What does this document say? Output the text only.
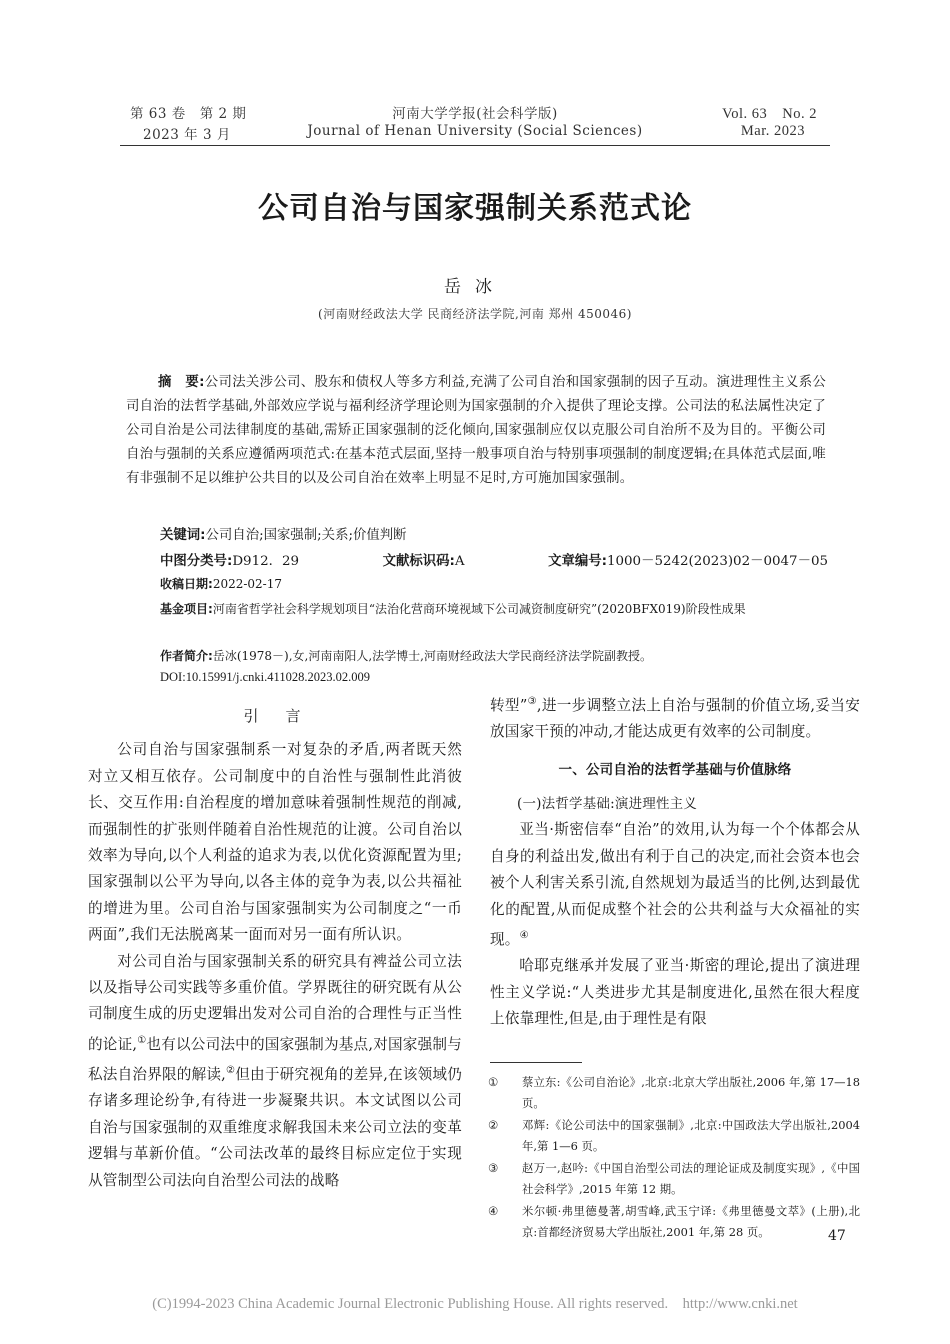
第 63 卷　第 2 期
2023 年 3 月
河南大学学报(社会科学版)
Journal of Henan University (Social Sciences)
Vol. 63　No. 2
Mar. 2023
公司自治与国家强制关系范式论
岳冰
(河南财经政法大学 民商经济法学院,河南 郑州 450046)
摘　要:公司法关涉公司、股东和债权人等多方利益,充满了公司自治和国家强制的因子互动。演进理性主义系公司自治的法哲学基础,外部效应学说与福利经济学理论则为国家强制的介入提供了理论支撑。公司法的私法属性决定了公司自治是公司法律制度的基础,需矫正国家强制的泛化倾向,国家强制应仅以克服公司自治所不及为目的。平衡公司自治与强制的关系应遵循两项范式:在基本范式层面,坚持一般事项自治与特别事项强制的制度逻辑;在具体范式层面,唯有非强制不足以维护公共目的以及公司自治在效率上明显不足时,方可施加国家强制。
关键词:公司自治;国家强制;关系;价值判断
中图分类号:D912．29	文献标识码:A	文章编号:1000－5242(2023)02－0047－05
收稿日期:2022-02-17
基金项目:河南省哲学社会科学规划项目“法治化营商环境视域下公司减资制度研究”(2020BFX019)阶段性成果
作者简介:岳冰(1978－),女,河南南阳人,法学博士,河南财经政法大学民商经济法学院副教授。
DOI:10.15991/j.cnki.411028.2023.02.009
引　言

公司自治与国家强制系一对复杂的矛盾,两者既天然对立又相互依存。公司制度中的自治性与强制性此消彼长、交互作用:自治程度的增加意味着强制性规范的削减,而强制性的扩张则伴随着自治性规范的让渡。公司自治以效率为导向,以个人利益的追求为表,以优化资源配置为里;国家强制以公平为导向,以各主体的竞争为表,以公共福祉的增进为里。公司自治与国家强制实为公司制度之“一币两面”,我们无法脱离某一面而对另一面有所认识。

对公司自治与国家强制关系的研究具有裨益公司立法以及指导公司实践等多重价值。学界既往的研究既有从公司制度生成的历史逻辑出发对公司自治的合理性与正当性的论证,①也有以公司法中的国家强制为基点,对国家强制与私法自治界限的解读,②但由于研究视角的差异,在该领域仍存诸多理论纷争,有待进一步凝聚共识。本文试图以公司自治与国家强制的双重维度求解我国未来公司立法的变革逻辑与革新价值。“公司法改革的最终目标应定位于实现从管制型公司法向自治型公司法的战略

转型”③,进一步调整立法上自治与强制的价值立场,妥当安放国家干预的冲动,才能达成更有效率的公司制度。

一、公司自治的法哲学基础与价值脉络
(一)法哲学基础:演进理性主义

亚当·斯密信奉“自治”的效用,认为每一个个体都会从自身的利益出发,做出有利于自己的决定,而社会资本也会被个人利害关系引流,自然规划为最适当的比例,达到最优化的配置,从而促成整个社会的公共利益与大众福祉的实现。④

哈耶克继承并发展了亚当·斯密的理论,提出了演进理性主义学说:“人类进步尤其是制度进化,虽然在很大程度上依靠理性,但是,由于理性是有限

①	蔡立东:《公司自治论》,北京:北京大学出版社,2006 年,第 17—18 页。
②	邓辉:《论公司法中的国家强制》,北京:中国政法大学出版社,2004 年,第 1—6 页。
③	赵万一,赵吟:《中国自治型公司法的理论证成及制度实现》,《中国社会科学》,2015 年第 12 期。
④	米尔顿·弗里德曼著,胡雪峰,武玉宁译:《弗里德曼文萃》(上册),北京:首都经济贸易大学出版社,2001 年,第 28 页。	47
(C)1994-2023 China Academic Journal Electronic Publishing House. All rights reserved.    http://www.cnki.net
